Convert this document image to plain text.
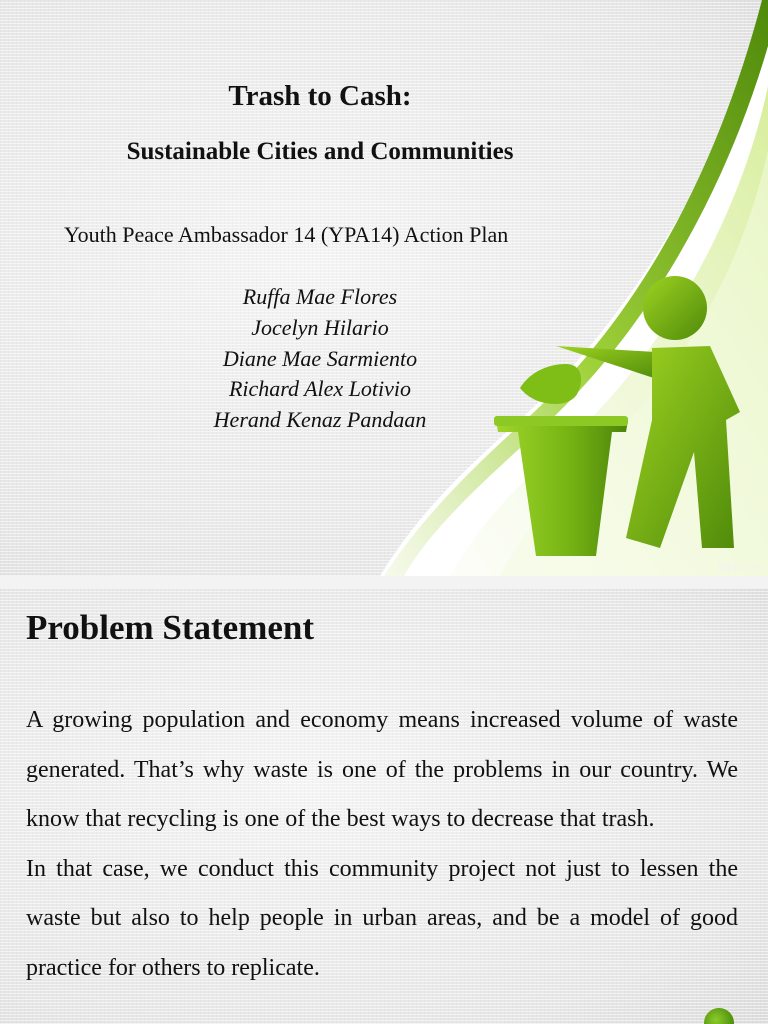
Trash to Cash:
Sustainable Cities and Communities

Youth Peace Ambassador 14 (YPA14) Action Plan

Ruffa Mae Flores
Jocelyn Hilario
Diane Mae Sarmiento
Richard Alex Lotivio
Herand Kenaz Pandaan
fppt.com
Problem Statement

A growing population and economy means increased volume of waste generated. That’s why waste is one of the problems in our country. We know that recycling is one of the best ways to decrease that trash.

In that case, we conduct this community project not just to lessen the waste but also to help people in urban areas, and be a model of good practice for others to replicate.
